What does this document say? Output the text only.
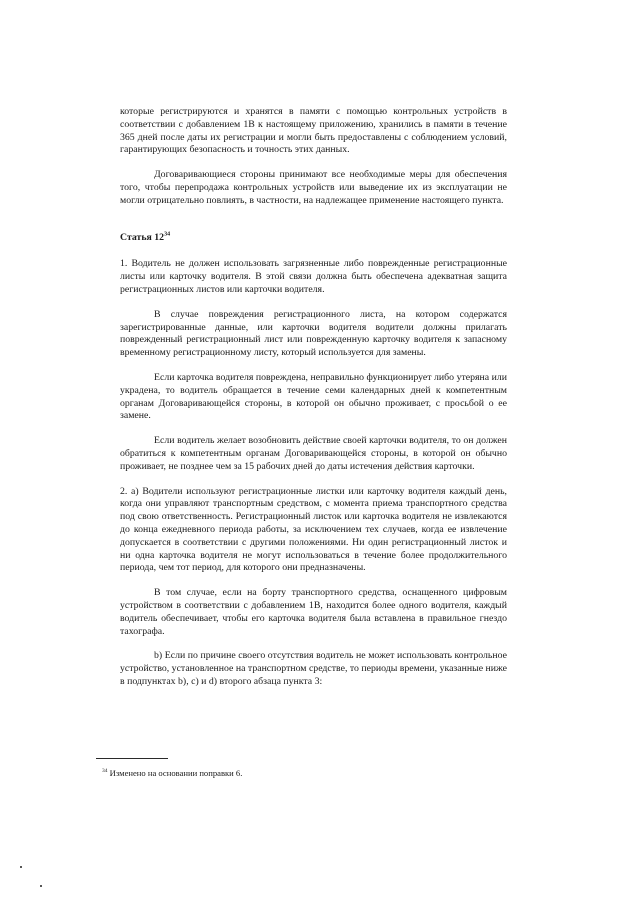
которые регистрируются и хранятся в памяти с помощью контрольных устройств в соответствии с добавлением 1В к настоящему приложению, хранились в памяти в течение 365 дней после даты их регистрации и могли быть предоставлены с соблюдением условий, гарантирующих безопасность и точность этих данных.

Договаривающиеся стороны принимают все необходимые меры для обеспечения того, чтобы перепродажа контрольных устройств или выведение их из эксплуатации не могли отрицательно повлиять, в частности, на надлежащее применение настоящего пункта.

Статья $12^{34}$

1. Водитель не должен использовать загрязненные либо поврежденные регистрационные листы или карточку водителя. В этой связи должна быть обеспечена адекватная защита регистрационных листов или карточки водителя.

В случае повреждения регистрационного листа, на котором содержатся зарегистрированные данные, или карточки водителя водители должны прилагать поврежденный регистрационный лист или поврежденную карточку водителя к запасному временному регистрационному листу, который используется для замены.

Если карточка водителя повреждена, неправильно функционирует либо утеряна или украдена, то водитель обращается в течение семи календарных дней к компетентным органам Договаривающейся стороны, в которой он обычно проживает, с просьбой о ее замене.

Если водитель желает возобновить действие своей карточки водителя, то он должен обратиться к компетентным органам Договаривающейся стороны, в которой он обычно проживает, не позднее чем за 15 рабочих дней до даты истечения действия карточки.

2. а) Водители используют регистрационные листки или карточку водителя каждый день, когда они управляют транспортным средством, с момента приема транспортного средства под свою ответственность. Регистрационный листок или карточка водителя не извлекаются до конца ежедневного периода работы, за исключением тех случаев, когда ее извлечение допускается в соответствии с другими положениями. Ни один регистрационный листок и ни одна карточка водителя не могут использоваться в течение более продолжительного периода, чем тот период, для которого они предназначены.

В том случае, если на борту транспортного средства, оснащенного цифровым устройством в соответствии с добавлением 1В, находится более одного водителя, каждый водитель обеспечивает, чтобы его карточка водителя была вставлена в правильное гнездо тахографа.

b) Если по причине своего отсутствия водитель не может использовать контрольное устройство, установленное на транспортном средстве, то периоды времени, указанные ниже в подпунктах b), с) и d) второго абзаца пункта 3:

$^{34}$ Изменено на основании поправки 6.
